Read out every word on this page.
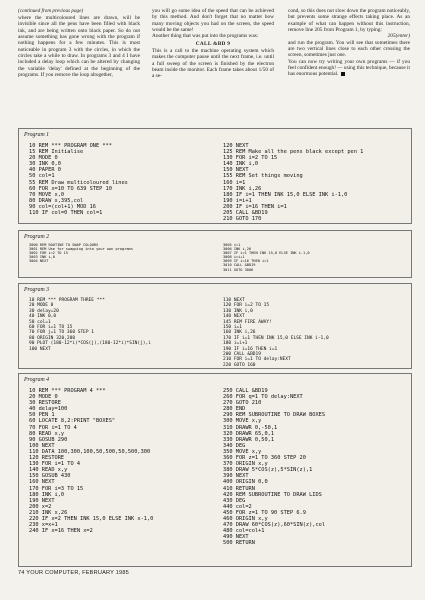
(continued from previous page)

where the multicoloured lines are drawn, will be invisible since all the pens have been filled with black ink, and are being written onto black paper. So do not assume something has gone wrong with the program if nothing happens for a few minutes. This is most noticeable in program 3 with the circles, in which the circles take a while to draw. In programs 3 and 4 I have included a delay loop which can be altered by changing the variable 'delay' defined at the beginning of the programs. If you remove the loop altogether,

you will go some idea of the speed that can be achieved by this method. And don't forget that no matter how many moving objects you had on the screen, the speed would be the same!

Another thing that was put into the programs was:

CALL &BD 9

This is a call to the machine operating system which makes the computer pause until the next frame, i.e. until a full sweep of the screen is finished by the electron beam inside the monitor. Each frame takes about 1/50 of a se-

cond, so this does not slow down the program noticeably, but prevents some strange effects taking place. As an example of what can happen without this instruction, remove line 205 from Program 1, by typing:

205(enter)

and run the program. You will see that sometimes there are two vertical lines close to each other crossing the screen, sometimes just one.

You can now try writing your own programs — if you feel confident enough! — using this technique, because it has enormous potential.

Program 1
10 REM *** PROGRAM ONE ***
15 REM Initialise
20 MODE 0
30 INK 0,0
40 PAPER 0
50 col=1
55 REM Draw multicoloured lines
60 FOR x=10 TO 639 STEP 10
70 MOVE x,0
80 DRAW x,395,col
90 col=(col+1) MOD 16
110 IF col=0 THEN col=1
120 NEXT
125 REM Make all the pens black except pen 1
130 FOR i=2 TO 15
140 INK i,0
150 NEXT
155 REM Set things moving
160 i=1
170 INK i,26
180 IF i=1 THEN INK 15,0 ELSE INK i-1,0
190 i=i+1
200 IF i=16 THEN i=1
205 CALL &BD19
210 GOTO 170
Program 2
3000 REM ROUTINE TO SWAP COLOURS
3001 REM Use for swapping into your own programs
3002 FOR i=2 TO 15
3003 INK i,0
3004 NEXT
3005 i=1
3006 INK i,26
3007 IF i=1 THEN INK 15,0 ELSE INK i-1,0
3008 i=i+1
3009 IF i=16 THEN i=1
3010 CALL &BD19
3011 GOTO 3006
Program 3
10 REM *** PROGRAM THREE ***
20 MODE 0
30 delay=20
40 INK 0,0
50 col=1
60 FOR i=1 TO 15
70 FOR j=1 TO 360 STEP 1
80 ORIGIN 320,200
90 PLOT (180-12*i)*COS(j),(180-12*i)*SIN(j),i
100 NEXT
110 NEXT
120 FOR i=2 TO 15
130 INK i,0
140 NEXT
145 REM FIRE AWAY!
150 i=1
160 INK i,26
170 IF i=1 THEN INK 15,0 ELSE INK i-1,0
180 i=i+1
190 IF i=16 THEN i=1
200 CALL &BD19
210 FOR i=1 TO delay:NEXT
220 GOTO 160
Program 4
10 REM *** PROGRAM 4 ***
20 MODE 0
30 RESTORE
40 delay=100
50 PEN 1
60 LOCATE 8,2:PRINT "BOXES"
70 FOR i=1 TO 4
80 READ x,y
90 GOSUB 290
100 NEXT
110 DATA 100,300,100,50,500,50,500,300
120 RESTORE
130 FOR i=1 TO 4
140 READ x,y
150 GOSUB 430
160 NEXT
170 FOR i=3 TO 15
180 INK i,0
190 NEXT
200 x=2
210 INK x,26
220 IF x=2 THEN INK 15,0 ELSE INK x-1,0
230 x=x+1
240 IF x=16 THEN x=2
250 CALL &BD19
260 FOR q=1 TO delay:NEXT
270 GOTO 210
280 END
290 REM SUBROUTINE TO DRAW BOXES
300 MOVE x,y
310 DRAWR 0,-50,1
320 DRAWR 65,0,1
330 DRAWR 0,50,1
340 DEG
350 MOVE x,y
360 FOR z=1 TO 360 STEP 20
370 ORIGIN x,y
380 DRAW 5*COS(z),5*SIN(z),1
390 NEXT
400 ORIGIN 0,0
410 RETURN
420 REM SUBROUTINE TO DRAW LIDS
430 DEG
440 col=2
450 FOR z=1 TO 90 STEP 6.9
460 ORIGIN x,y
470 DRAW 60*COS(z),60*SIN(z),col
480 col=col+1
490 NEXT
500 RETURN
74 YOUR COMPUTER, FEBRUARY 1985
